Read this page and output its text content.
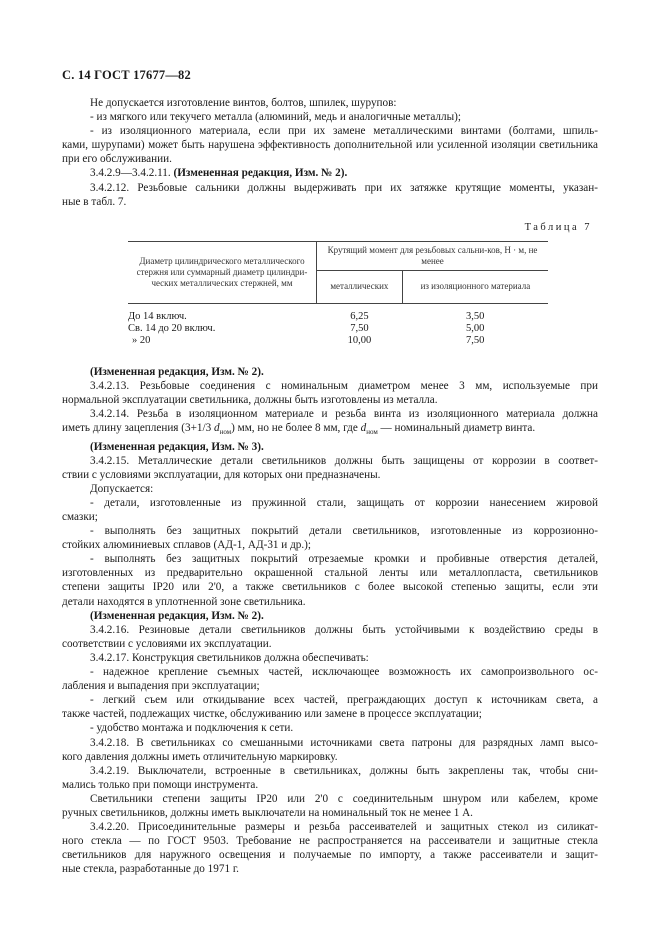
С. 14 ГОСТ 17677—82
Не допускается изготовление винтов, болтов, шпилек, шурупов:
- из мягкого или текучего металла (алюминий, медь и аналогичные металлы);
- из изоляционного материала, если при их замене металлическими винтами (болтами, шпиль-
ками, шурупами) может быть нарушена эффективность дополнительной или усиленной изоляции светильника при его обслуживании.
3.4.2.9—3.4.2.11. (Измененная редакция, Изм. № 2).
3.4.2.12. Резьбовые сальники должны выдерживать при их затяжке крутящие моменты, указан-
ные в табл. 7.
Таблица 7
Диаметр цилиндрического металлического стержня или суммарный диаметр цилиндри-ческих металлических стержней, мм	Крутящий момент для резьбовых сальни-ков, Н · м, не менее	
	металлических	из изоляционного материала

До 14 включ.	6,25	3,50
Св. 14 до 20 включ.	7,50	5,00
» 20	10,00	7,50
(Измененная редакция, Изм. № 2).
3.4.2.13. Резьбовые соединения с номинальным диаметром менее 3 мм, используемые при
нормальной эксплуатации светильника, должны быть изготовлены из металла.
3.4.2.14. Резьба в изоляционном материале и резьба винта из изоляционного материала должна
иметь длину зацепления (3+1/3 $d_{ном}$) мм, но не более 8 мм, где $d_{ном}$ — номинальный диаметр винта.
(Измененная редакция, Изм. № 3).
3.4.2.15. Металлические детали светильников должны быть защищены от коррозии в соответ-
ствии с условиями эксплуатации, для которых они предназначены.
Допускается:
- детали, изготовленные из пружинной стали, защищать от коррозии нанесением жировой
смазки;
- выполнять без защитных покрытий детали светильников, изготовленные из коррозионно-
стойких алюминиевых сплавов (АД-1, АД-31 и др.);
- выполнять без защитных покрытий отрезаемые кромки и пробивные отверстия деталей,
изготовленных из предварительно окрашенной стальной ленты или металлопласта, светильников
степени защиты IP20 или 2'0, а также светильников с более высокой степенью защиты, если эти
детали находятся в уплотненной зоне светильника.
(Измененная редакция, Изм. № 2).
3.4.2.16. Резиновые детали светильников должны быть устойчивыми к воздействию среды в
соответствии с условиями их эксплуатации.
3.4.2.17. Конструкция светильников должна обеспечивать:
- надежное крепление съемных частей, исключающее возможность их самопроизвольного ос-
лабления и выпадения при эксплуатации;
- легкий съем или откидывание всех частей, преграждающих доступ к источникам света, а
также частей, подлежащих чистке, обслуживанию или замене в процессе эксплуатации;
- удобство монтажа и подключения к сети.
3.4.2.18. В светильниках со смешанными источниками света патроны для разрядных ламп высо-
кого давления должны иметь отличительную маркировку.
3.4.2.19. Выключатели, встроенные в светильниках, должны быть закреплены так, чтобы сни-
мались только при помощи инструмента.
Светильники степени защиты IP20 или 2'0 с соединительным шнуром или кабелем, кроме
ручных светильников, должны иметь выключатели на номинальный ток не менее 1 А.
3.4.2.20. Присоединительные размеры и резьба рассеивателей и защитных стекол из силикат-
ного стекла — по ГОСТ 9503. Требование не распространяется на рассеиватели и защитные стекла
светильников для наружного освещения и получаемые по импорту, а также рассеиватели и защит-
ные стекла, разработанные до 1971 г.
